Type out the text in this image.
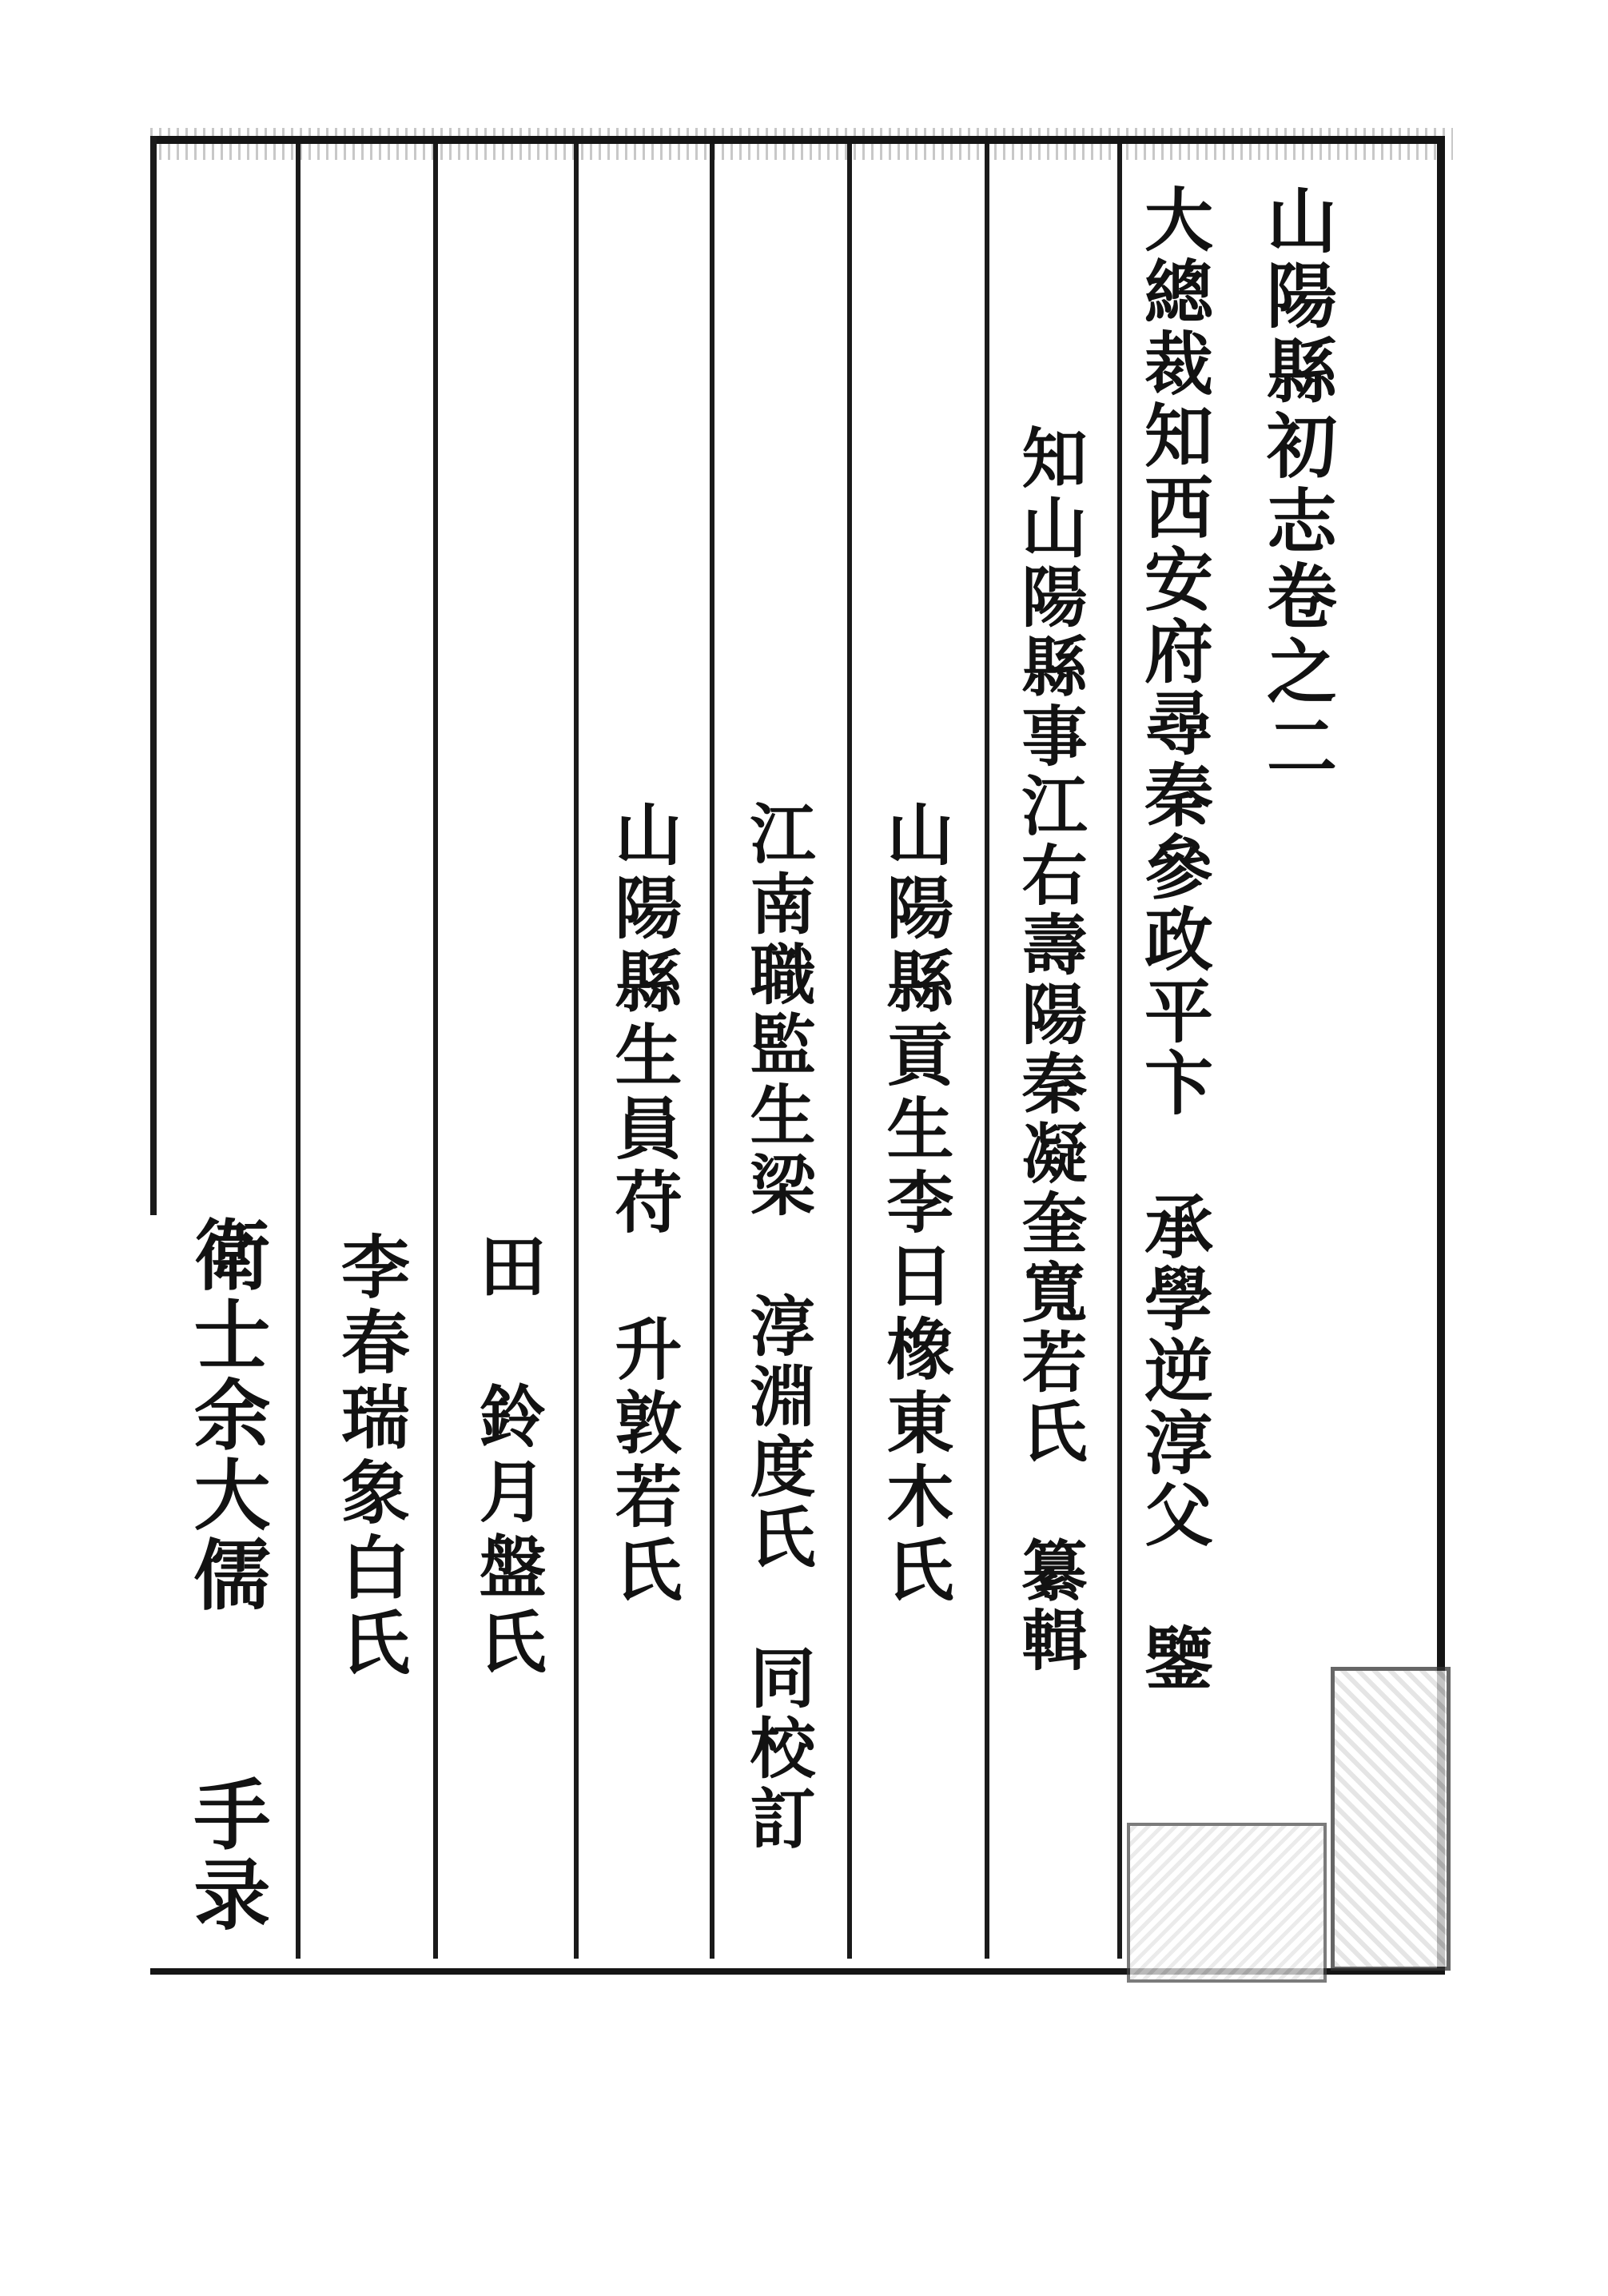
山陽縣初志卷之二
大總裁知西安府尋秦參政平卞　承學逆淳父　鑒
知山陽縣事江右壽陽秦凝奎寬若氏　纂輯
山陽縣貢生李日橡東木氏
江南職監生梁　淳淵度氏　同校訂
山陽縣生員苻　升敦若氏
田　鈴月盤氏
李春瑞象白氏
衛士余大儒　　手录
